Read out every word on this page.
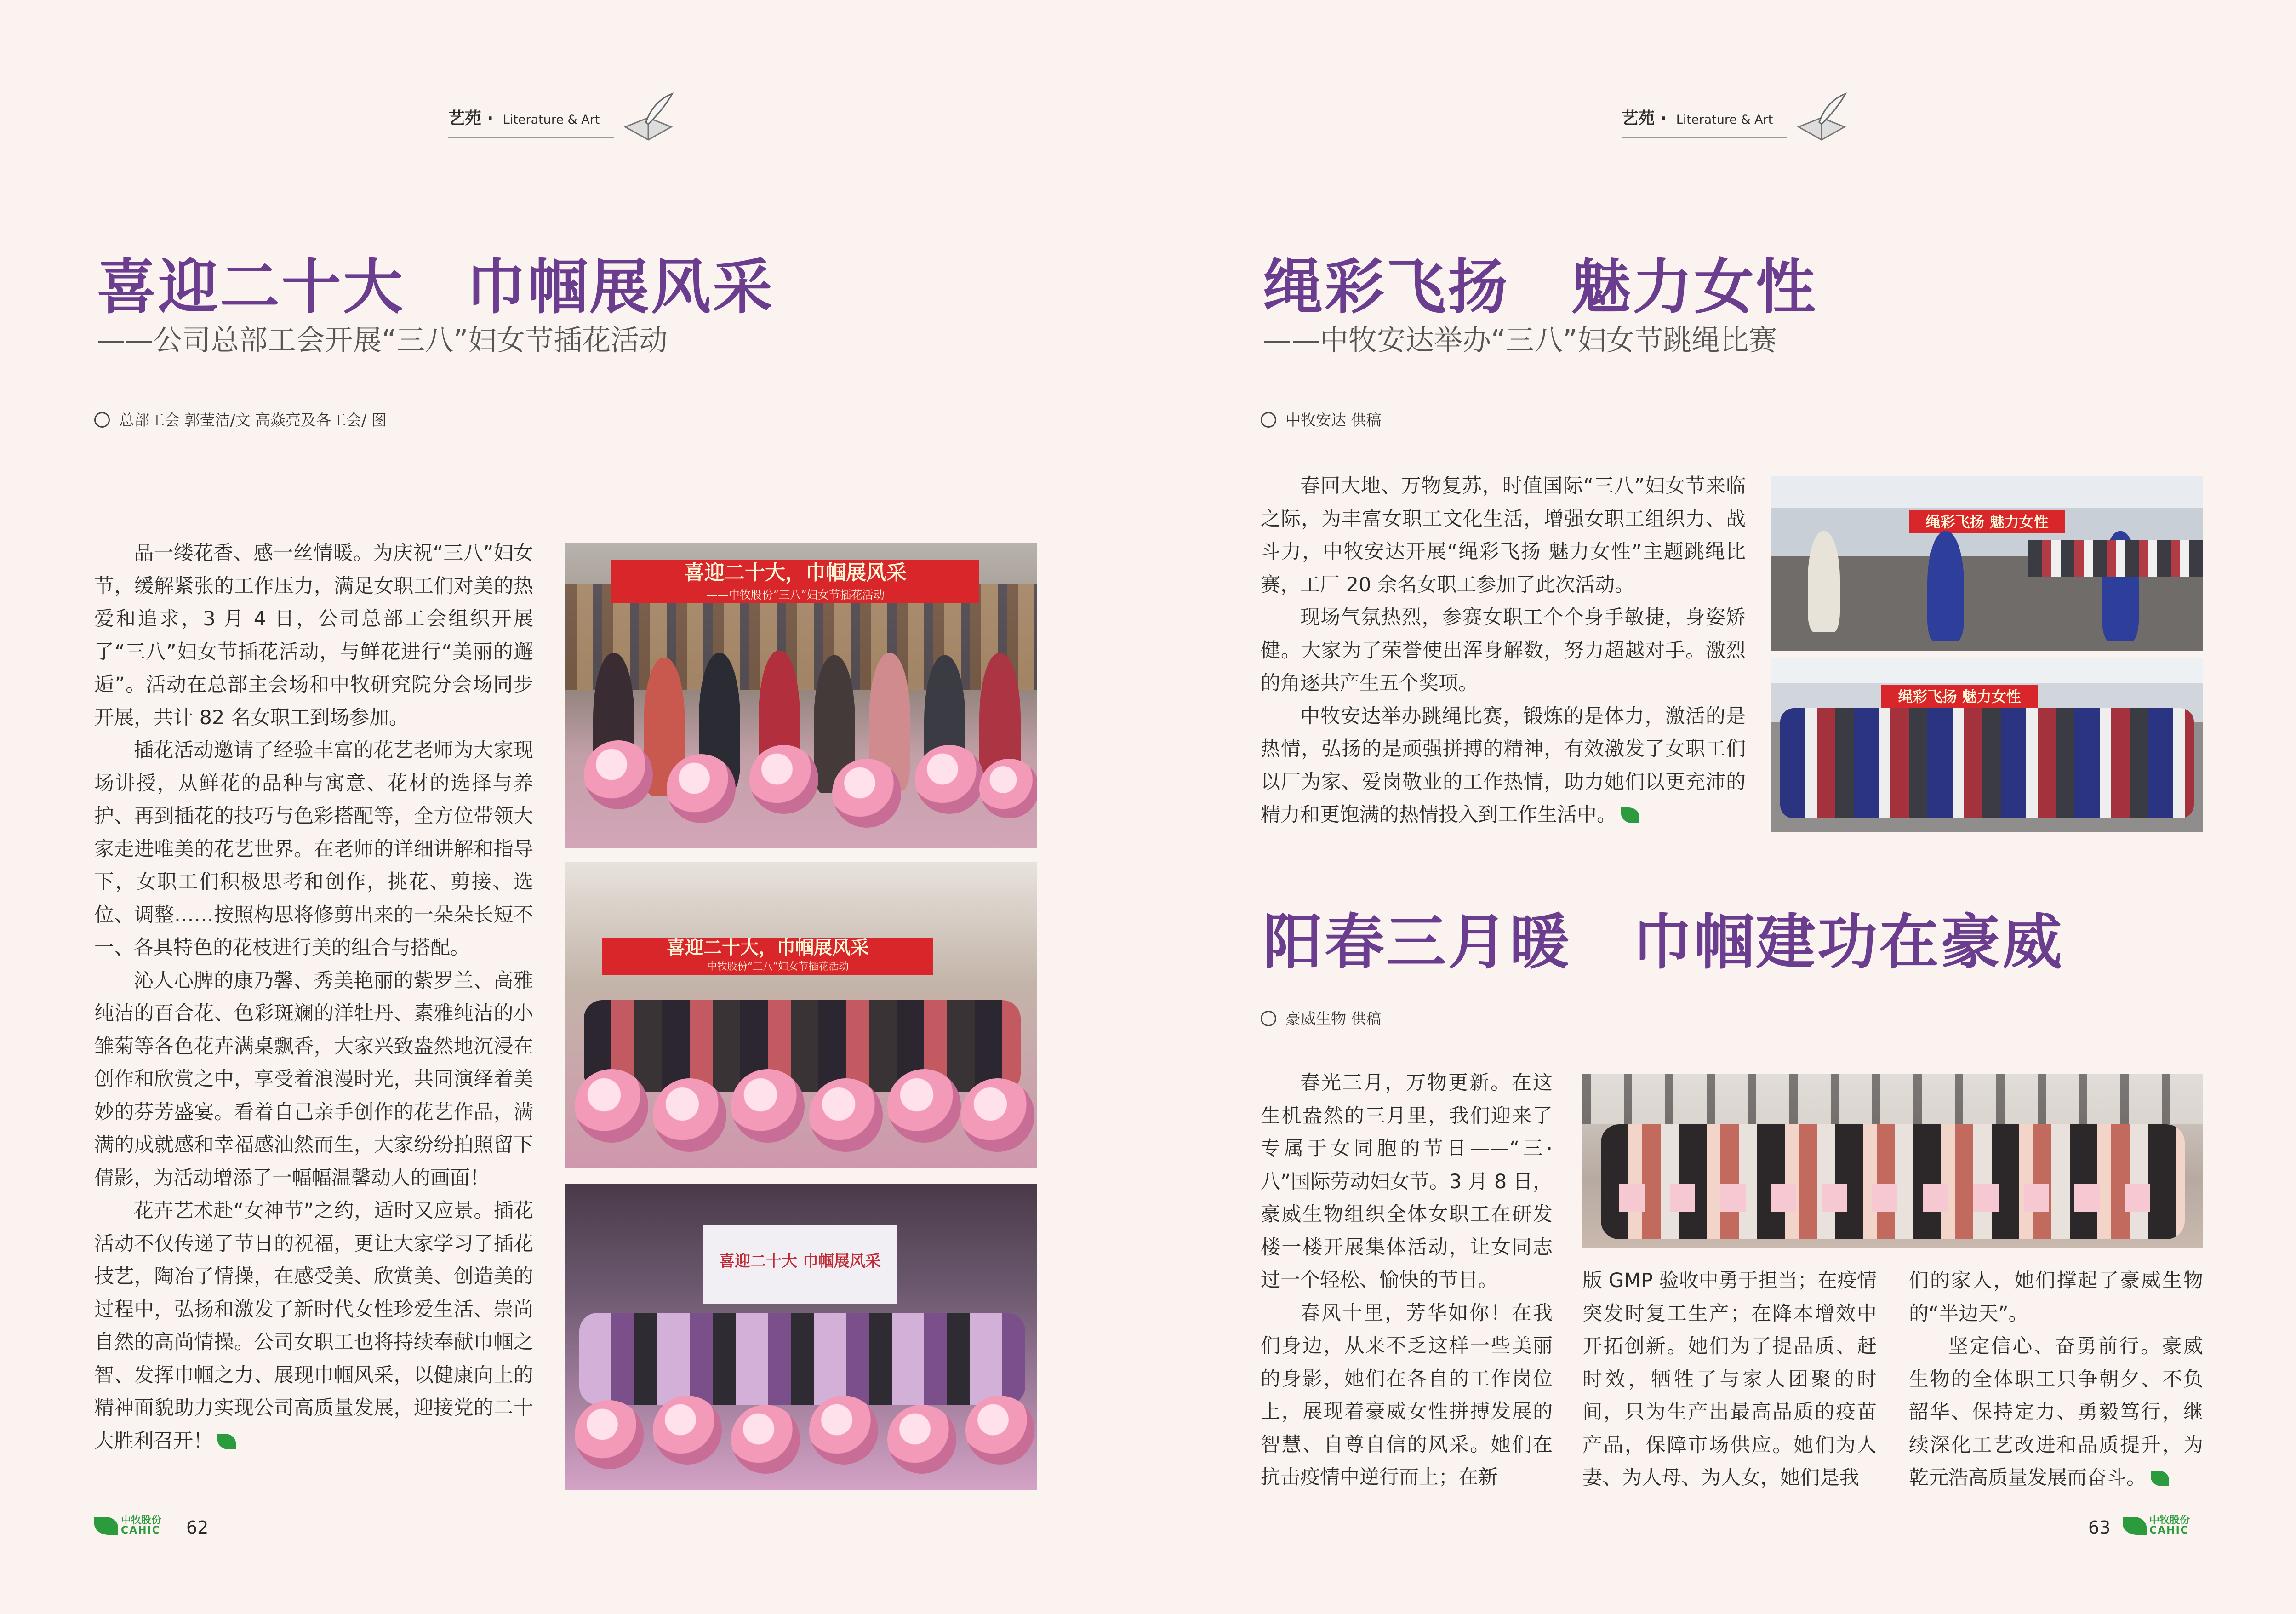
艺苑 · Literature & Art
喜迎二十大　巾帼展风采
——公司总部工会开展“三八”妇女节插花活动
总部工会 郭莹洁/文 高焱亮及各工会/ 图

品一缕花香、感一丝情暖。为庆祝“三八”妇女节，缓解紧张的工作压力，满足女职工们对美的热爱和追求，3 月 4 日，公司总部工会组织开展了“三八”妇女节插花活动，与鲜花进行“美丽的邂逅”。活动在总部主会场和中牧研究院分会场同步开展，共计 82 名女职工到场参加。

插花活动邀请了经验丰富的花艺老师为大家现场讲授，从鲜花的品种与寓意、花材的选择与养护、再到插花的技巧与色彩搭配等，全方位带领大家走进唯美的花艺世界。在老师的详细讲解和指导下，女职工们积极思考和创作，挑花、剪接、选位、调整……按照构思将修剪出来的一朵朵长短不一、各具特色的花枝进行美的组合与搭配。

沁人心脾的康乃馨、秀美艳丽的紫罗兰、高雅纯洁的百合花、色彩斑斓的洋牡丹、素雅纯洁的小雏菊等各色花卉满桌飘香，大家兴致盎然地沉浸在创作和欣赏之中，享受着浪漫时光，共同演绎着美妙的芬芳盛宴。看着自己亲手创作的花艺作品，满满的成就感和幸福感油然而生，大家纷纷拍照留下倩影，为活动增添了一幅幅温馨动人的画面！

花卉艺术赴“女神节”之约，适时又应景。插花活动不仅传递了节日的祝福，更让大家学习了插花技艺，陶冶了情操，在感受美、欣赏美、创造美的过程中，弘扬和激发了新时代女性珍爱生活、崇尚自然的高尚情操。公司女职工也将持续奉献巾帼之智、发挥巾帼之力、展现巾帼风采，以健康向上的精神面貌助力实现公司高质量发展，迎接党的二十大胜利召开！

喜迎二十大，巾帼展风采
——中牧股份“三八”妇女节插花活动
喜迎二十大，巾帼展风采
——中牧股份“三八”妇女节插花活动
喜迎二十大 巾帼展风采
中牧股份
CAHIC 62
艺苑 · Literature & Art
绳彩飞扬　魅力女性
——中牧安达举办“三八”妇女节跳绳比赛
中牧安达 供稿

春回大地、万物复苏，时值国际“三八”妇女节来临之际，为丰富女职工文化生活，增强女职工组织力、战斗力，中牧安达开展“绳彩飞扬 魅力女性”主题跳绳比赛，工厂 20 余名女职工参加了此次活动。

现场气氛热烈，参赛女职工个个身手敏捷，身姿矫健。大家为了荣誉使出浑身解数，努力超越对手。激烈的角逐共产生五个奖项。

中牧安达举办跳绳比赛，锻炼的是体力，激活的是热情，弘扬的是顽强拼搏的精神，有效激发了女职工们以厂为家、爱岗敬业的工作热情，助力她们以更充沛的精力和更饱满的热情投入到工作生活中。

绳彩飞扬 魅力女性
绳彩飞扬 魅力女性
阳春三月暖　巾帼建功在豪威
豪威生物 供稿

春光三月，万物更新。在这生机盎然的三月里，我们迎来了专属于女同胞的节日——“三·八”国际劳动妇女节。3 月 8 日，豪威生物组织全体女职工在研发楼一楼开展集体活动，让女同志过一个轻松、愉快的节日。

春风十里，芳华如你！在我们身边，从来不乏这样一些美丽的身影，她们在各自的工作岗位上，展现着豪威女性拼搏发展的智慧、自尊自信的风采。她们在抗击疫情中逆行而上；在新

版 GMP 验收中勇于担当；在疫情突发时复工生产；在降本增效中开拓创新。她们为了提品质、赶时效，牺牲了与家人团聚的时间，只为生产出最高品质的疫苗产品，保障市场供应。她们为人妻、为人母、为人女，她们是我

们的家人，她们撑起了豪威生物的“半边天”。

坚定信心、奋勇前行。豪威生物的全体职工只争朝夕、不负韶华、保持定力、勇毅笃行，继续深化工艺改进和品质提升，为乾元浩高质量发展而奋斗。

63	中牧股份
CAHIC
